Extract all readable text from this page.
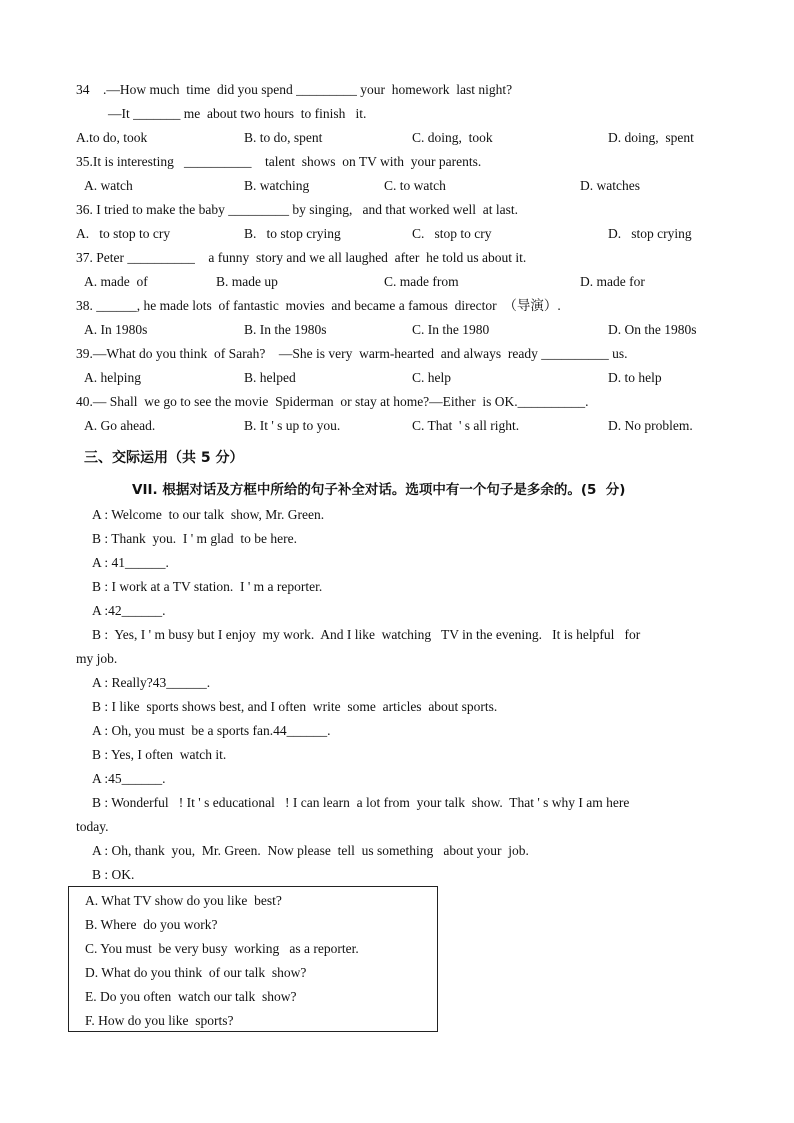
34    .—How much  time  did you spend _________ your  homework  last night?
—It _______ me  about two hours  to finish   it.
A.to do, took	B. to do, spent	C. doing,  took	D. doing,  spent
35.It is interesting   __________    talent  shows  on TV with  your parents.
A. watch	B. watching	C. to watch	D. watches
36. I tried to make the baby _________ by singing,   and that worked well  at last.
A.   to stop to cry	B.   to stop crying	C.   stop to cry	D.   stop crying
37. Peter __________    a funny  story and we all laughed  after  he told us about it.
A. made  of	B. made up	C. made from	D. made for
38. ______, he made lots  of fantastic  movies  and became a famous  director  （导演）.
A. In 1980s	B. In the 1980s	C. In the 1980	D. On the 1980s
39.—What do you think  of Sarah?    —She is very  warm-hearted  and always  ready __________ us.
A. helping	B. helped	C. help	D. to help
40.— Shall  we go to see the movie  Spiderman  or stay at home?—Either  is OK.__________.
A. Go ahead.	B. It ' s up to you.	C. That  ' s all right.	D. No problem.
三、交际运用（共 5 分）
VII. 根据对话及方框中所给的句子补全对话。选项中有一个句子是多余的。(5  分)
A : Welcome  to our talk  show, Mr. Green.
B : Thank  you.  I ' m glad  to be here.
A : 41______.
B : I work at a TV station.  I ' m a reporter.
A :42______.
B :  Yes, I ' m busy but I enjoy  my work.  And I like  watching   TV in the evening.   It is helpful   for
my job.
A : Really?43______.
B : I like  sports shows best, and I often  write  some  articles  about sports.
A : Oh, you must  be a sports fan.44______.
B : Yes, I often  watch it.
A :45______.
B : Wonderful   ! It ' s educational   ! I can learn  a lot from  your talk  show.  That ' s why I am here
today.
A : Oh, thank  you,  Mr. Green.  Now please  tell  us something   about your  job.
B : OK.
A. What TV show do you like  best?
B. Where  do you work?
C. You must  be very busy  working   as a reporter.
D. What do you think  of our talk  show?
E. Do you often  watch our talk  show?
F. How do you like  sports?
